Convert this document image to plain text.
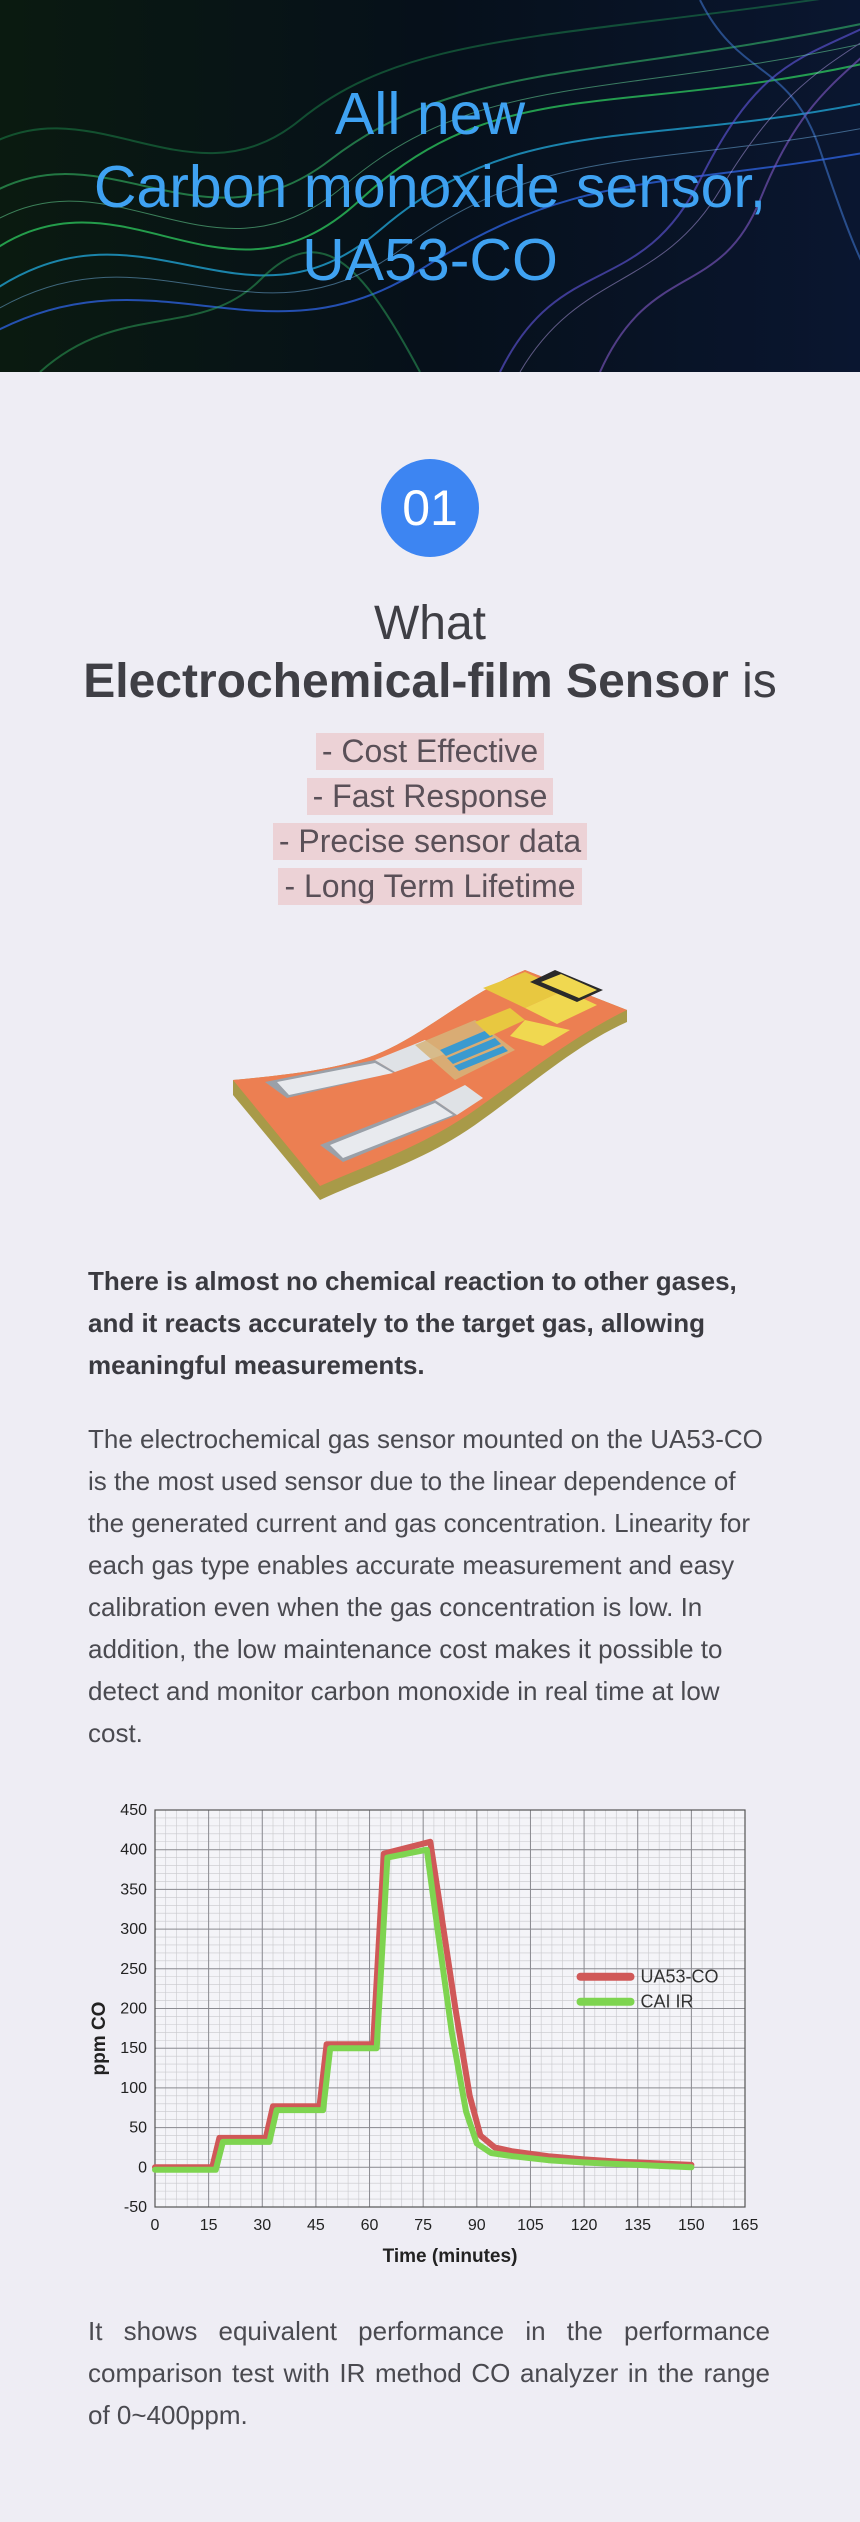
All new
Carbon monoxide sensor,
UA53-CO
01
What
Electrochemical-film Sensor is
- Cost Effective
- Fast Response
- Precise sensor data
- Long Term Lifetime

There is almost no chemical reaction to other gases, and it reacts accurately to the target gas, allowing meaningful measurements.

The electrochemical gas sensor mounted on the UA53-CO is the most used sensor due to the linear dependence of the generated current and gas concentration. Linearity for each gas type enables accurate measurement and easy calibration even when the gas concentration is low. In addition, the low maintenance cost makes it possible to detect and monitor carbon monoxide in real time at low cost.

0	15 30 45 60 75 90 105 120 135 150 165
450
400
350
300
250
200
150
100
50
0
-50
Time (minutes)
ppm CO
UA53-CO
CAI IR

It shows equivalent performance in the performance comparison test with IR method CO analyzer in the range of 0~400ppm.
